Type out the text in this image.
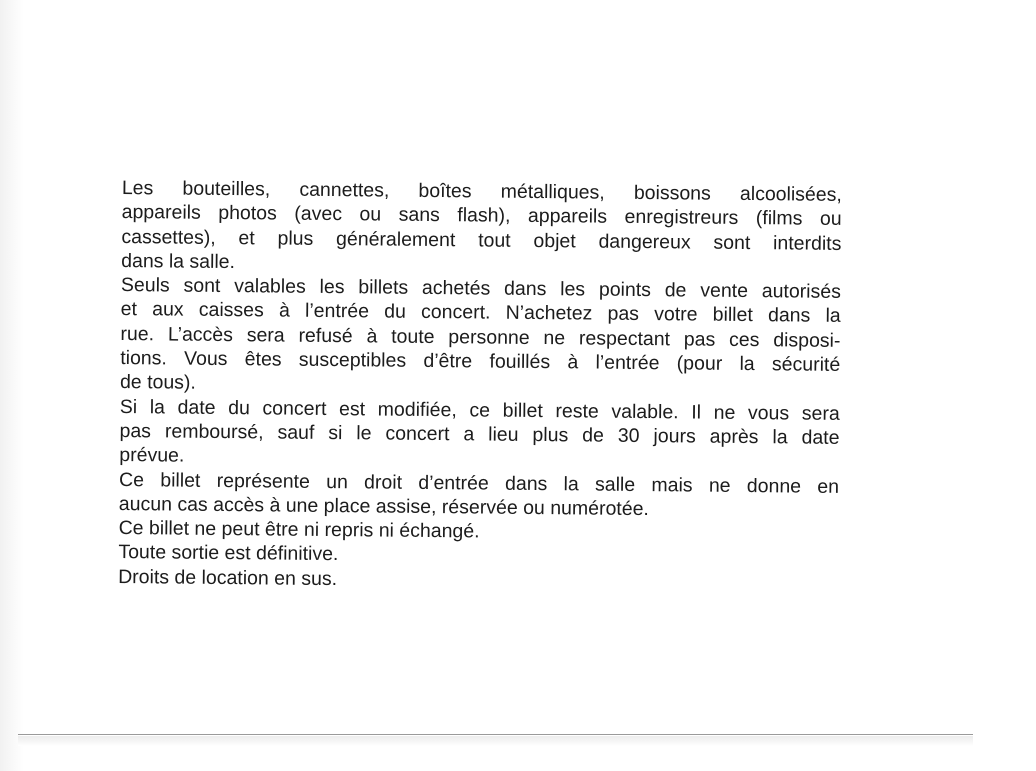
Les bouteilles, cannettes, boîtes métalliques, boissons alcoolisées,
appareils photos (avec ou sans flash), appareils enregistreurs (films ou
cassettes), et plus généralement tout objet dangereux sont interdits
dans la salle.

Seuls sont valables les billets achetés dans les points de vente autorisés
et aux caisses à l’entrée du concert. N’achetez pas votre billet dans la
rue. L’accès sera refusé à toute personne ne respectant pas ces disposi-
tions. Vous êtes susceptibles d’être fouillés à l’entrée (pour la sécurité
de tous).

Si la date du concert est modifiée, ce billet reste valable. Il ne vous sera
pas remboursé, sauf si le concert a lieu plus de 30 jours après la date
prévue.

Ce billet représente un droit d’entrée dans la salle mais ne donne en
aucun cas accès à une place assise, réservée ou numérotée.

Ce billet ne peut être ni repris ni échangé.

Toute sortie est définitive.

Droits de location en sus.
